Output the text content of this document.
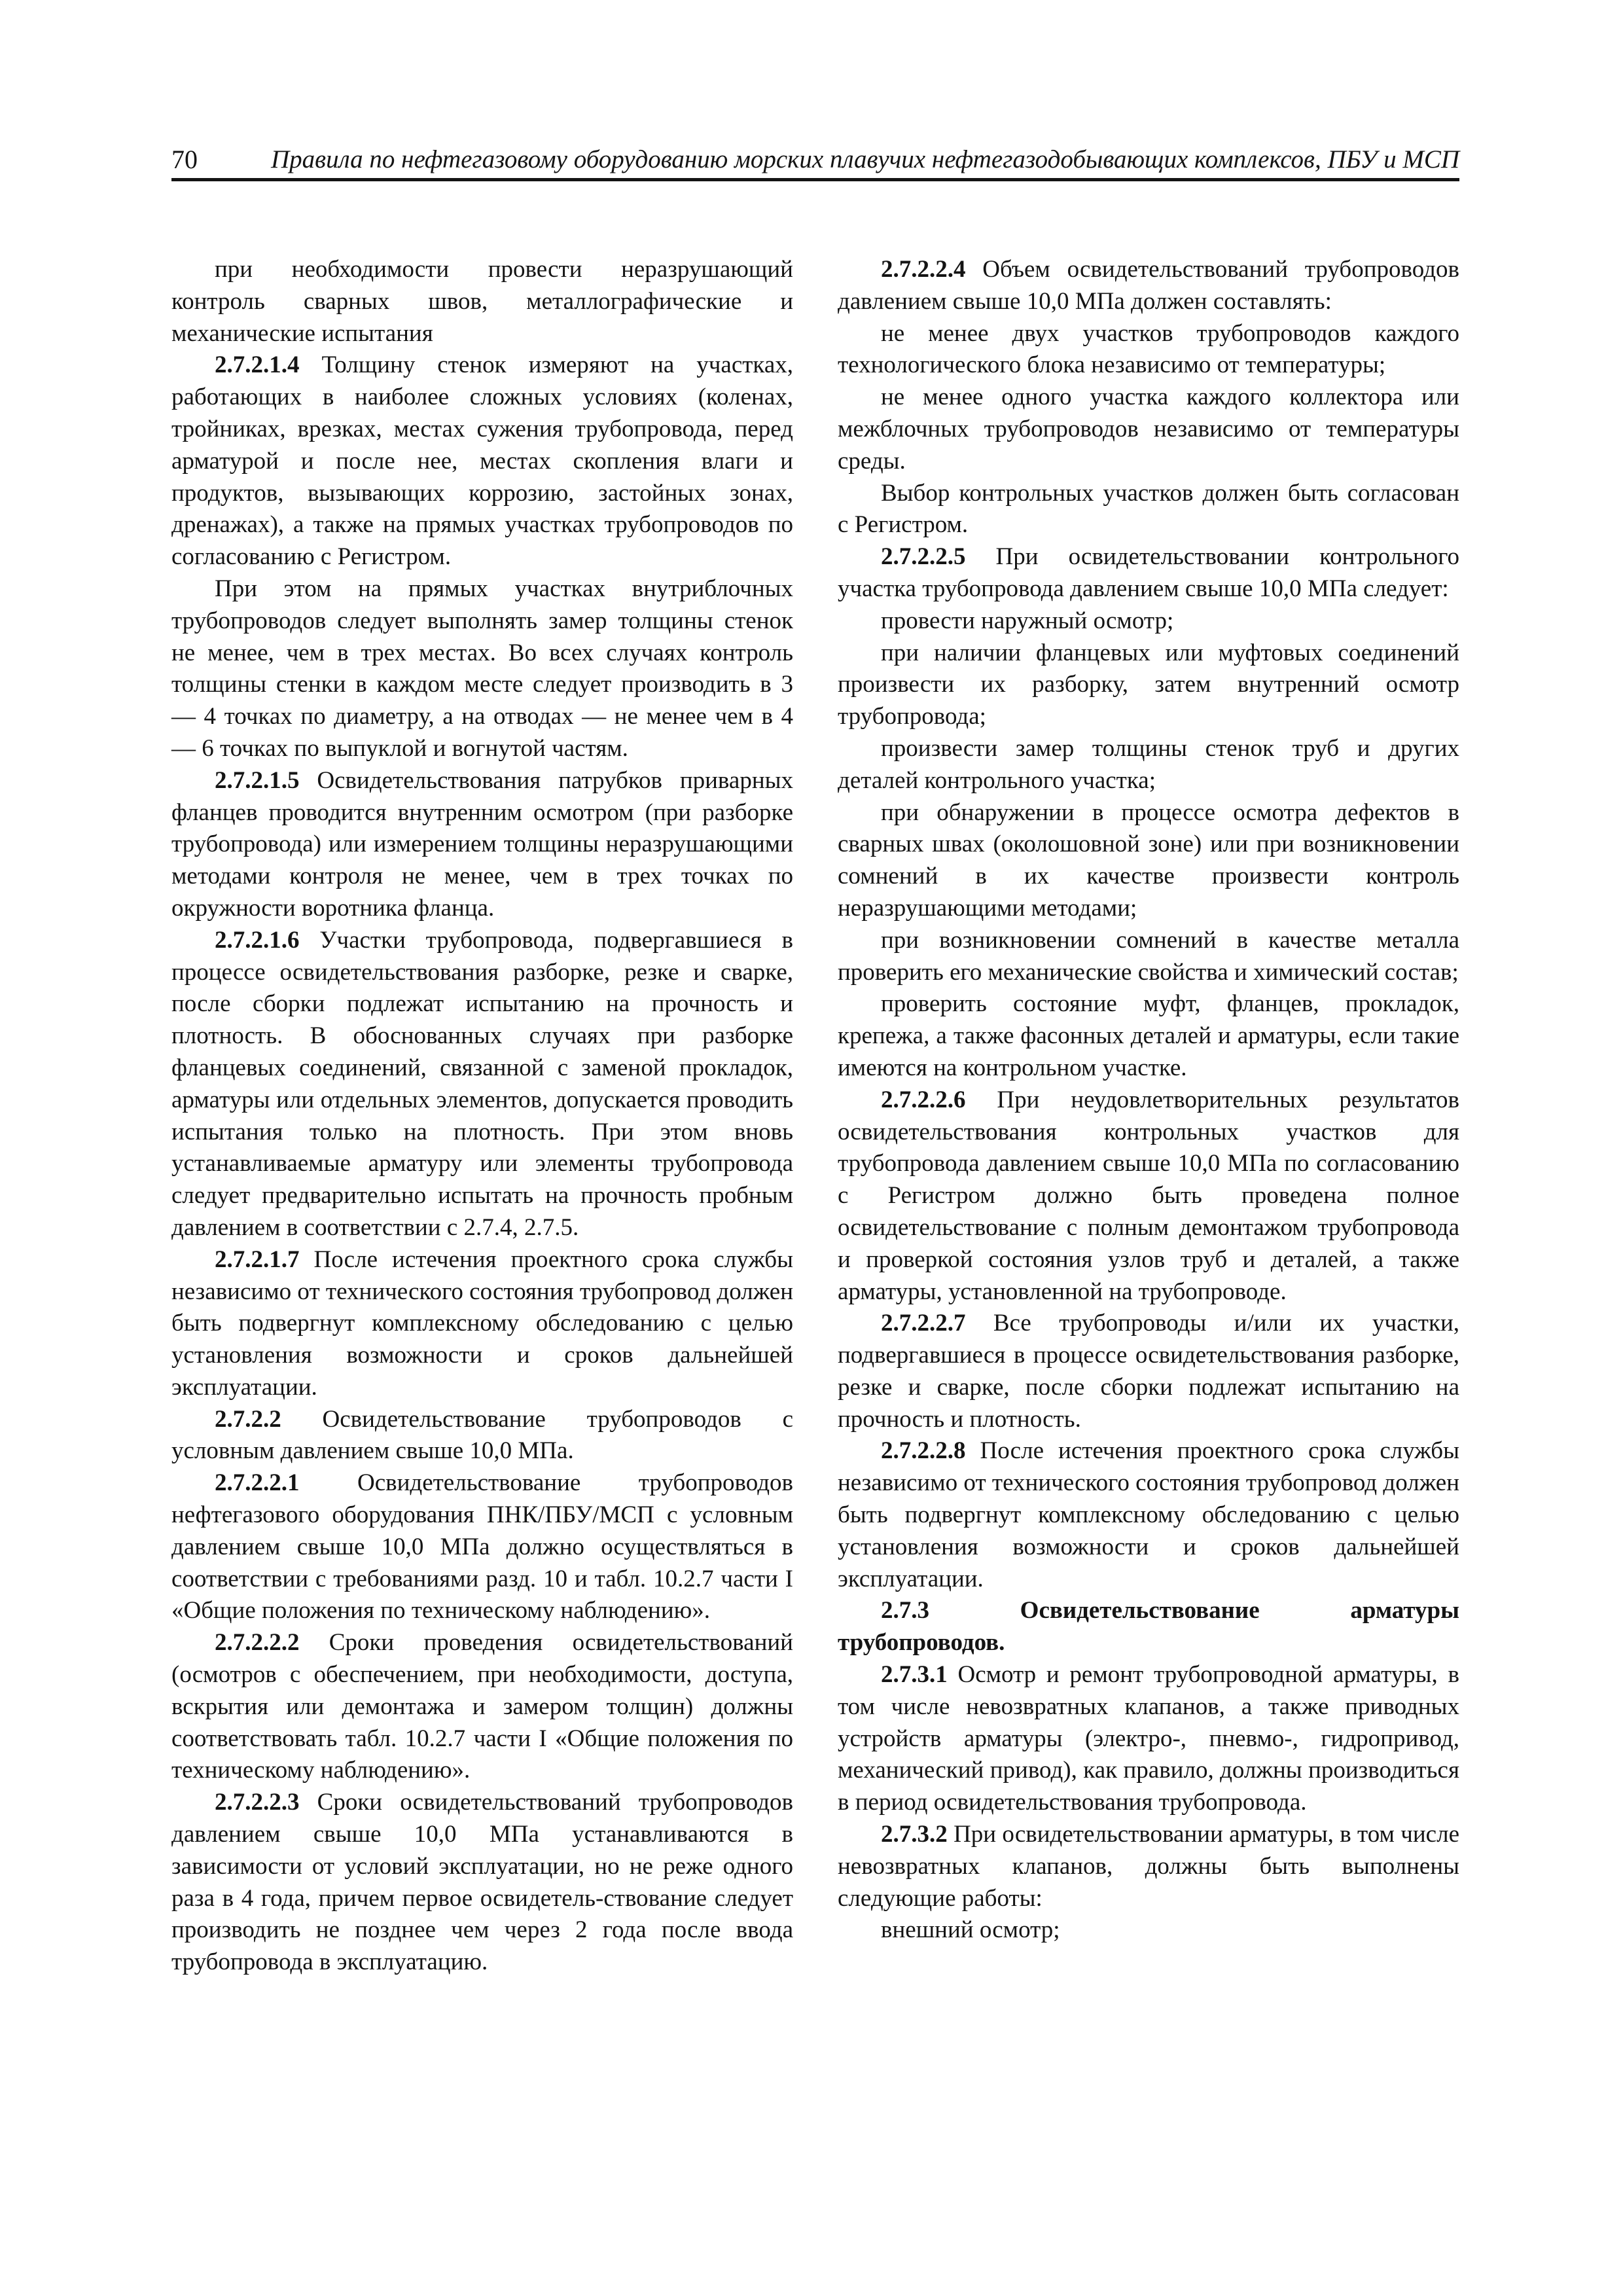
70	Правила по нефтегазовому оборудованию морских плавучих нефтегазодобывающих комплексов, ПБУ и МСП

при необходимости провести неразрушающий контроль сварных швов, металлографические и механические испытания

2.7.2.1.4 Толщину стенок измеряют на участках, работающих в наиболее сложных условиях (коленах, тройниках, врезках, местах сужения трубопровода, перед арматурой и после нее, местах скопления влаги и продуктов, вызывающих коррозию, застойных зонах, дренажах), а также на прямых участках трубопроводов по согласованию с Регистром.

При этом на прямых участках внутриблочных трубопроводов следует выполнять замер толщины стенок не менее, чем в трех местах. Во всех случаях контроль толщины стенки в каждом месте следует производить в 3 — 4 точках по диаметру, а на отводах — не менее чем в 4 — 6 точках по выпуклой и вогнутой частям.

2.7.2.1.5 Освидетельствования патрубков приварных фланцев проводится внутренним осмотром (при разборке трубопровода) или измерением толщины неразрушающими методами контроля не менее, чем в трех точках по окружности воротника фланца.

2.7.2.1.6 Участки трубопровода, подвергавшиеся в процессе освидетельствования разборке, резке и сварке, после сборки подлежат испытанию на прочность и плотность. В обоснованных случаях при разборке фланцевых соединений, связанной с заменой прокладок, арматуры или отдельных элементов, допускается проводить испытания только на плотность. При этом вновь устанавливаемые арматуру или элементы трубопровода следует предварительно испытать на прочность пробным давлением в соответствии с 2.7.4, 2.7.5.

2.7.2.1.7 После истечения проектного срока службы независимо от технического состояния трубопровод должен быть подвергнут комплексному обследованию с целью установления возможности и сроков дальнейшей эксплуатации.

2.7.2.2 Освидетельствование трубопроводов с условным давлением свыше 10,0 МПа.

2.7.2.2.1 Освидетельствование трубопроводов нефтегазового оборудования ПНК/ПБУ/МСП с условным давлением свыше 10,0 МПа должно осуществляться в соответствии с требованиями разд. 10 и табл. 10.2.7 части I «Общие положения по техническому наблюдению».

2.7.2.2.2 Сроки проведения освидетельствований (осмотров с обеспечением, при необходимости, доступа, вскрытия или демонтажа и замером толщин) должны соответствовать табл. 10.2.7 части I «Общие положения по техническому наблюдению».

2.7.2.2.3 Сроки освидетельствований трубопроводов давлением свыше 10,0 МПа устанавливаются в зависимости от условий эксплуатации, но не реже одного раза в 4 года, причем первое освидетель-ствование следует производить не позднее чем через 2 года после ввода трубопровода в эксплуатацию.

2.7.2.2.4 Объем освидетельствований трубопроводов давлением свыше 10,0 МПа должен составлять:

не менее двух участков трубопроводов каждого технологического блока независимо от температуры;

не менее одного участка каждого коллектора или межблочных трубопроводов независимо от температуры среды.

Выбор контрольных участков должен быть согласован с Регистром.

2.7.2.2.5 При освидетельствовании контрольного участка трубопровода давлением свыше 10,0 МПа следует:

провести наружный осмотр;

при наличии фланцевых или муфтовых соединений произвести их разборку, затем внутренний осмотр трубопровода;

произвести замер толщины стенок труб и других деталей контрольного участка;

при обнаружении в процессе осмотра дефектов в сварных швах (околошовной зоне) или при возникновении сомнений в их качестве произвести контроль неразрушающими методами;

при возникновении сомнений в качестве металла проверить его механические свойства и химический состав;

проверить состояние муфт, фланцев, прокладок, крепежа, а также фасонных деталей и арматуры, если такие имеются на контрольном участке.

2.7.2.2.6 При неудовлетворительных результатов освидетельствования контрольных участков для трубопровода давлением свыше 10,0 МПа по согласованию с Регистром должно быть проведена полное освидетельствование с полным демонтажом трубопровода и проверкой состояния узлов труб и деталей, а также арматуры, установленной на трубопроводе.

2.7.2.2.7 Все трубопроводы и/или их участки, подвергавшиеся в процессе освидетельствования разборке, резке и сварке, после сборки подлежат испытанию на прочность и плотность.

2.7.2.2.8 После истечения проектного срока службы независимо от технического состояния трубопровод должен быть подвергнут комплексному обследованию с целью установления возможности и сроков дальнейшей эксплуатации.

2.7.3 Освидетельствование арматуры трубопроводов.

2.7.3.1 Осмотр и ремонт трубопроводной арматуры, в том числе невозвратных клапанов, а также приводных устройств арматуры (электро-, пневмо-, гидропривод, механический привод), как правило, должны производиться в период освидетельствования трубопровода.

2.7.3.2 При освидетельствовании арматуры, в том числе невозвратных клапанов, должны быть выполнены следующие работы:

внешний осмотр;
